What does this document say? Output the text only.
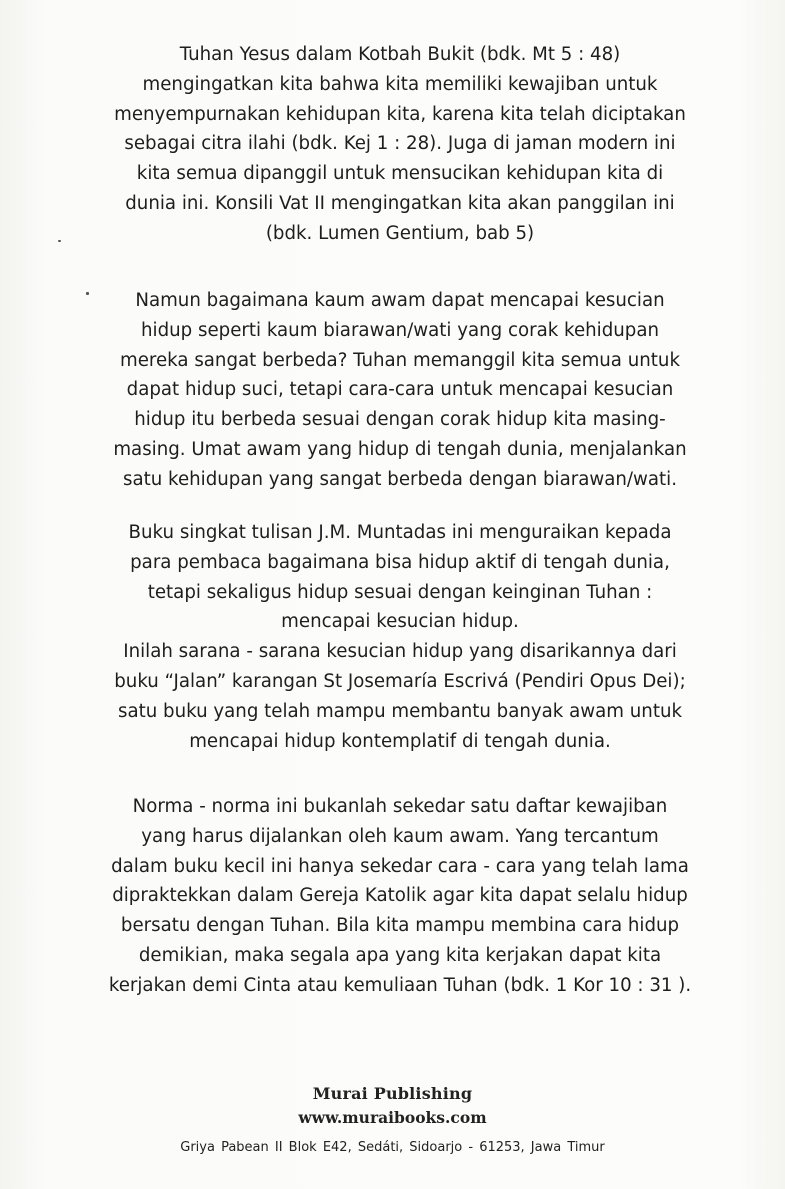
Tuhan Yesus dalam Kotbah Bukit (bdk. Mt 5 : 48)
mengingatkan kita bahwa kita memiliki kewajiban untuk
menyempurnakan kehidupan kita, karena kita telah diciptakan
sebagai citra ilahi (bdk. Kej 1 : 28). Juga di jaman modern ini
kita semua dipanggil untuk mensucikan kehidupan kita di
dunia ini. Konsili Vat II mengingatkan kita akan panggilan ini
(bdk. Lumen Gentium, bab 5)

Namun bagaimana kaum awam dapat mencapai kesucian
hidup seperti kaum biarawan/wati yang corak kehidupan
mereka sangat berbeda? Tuhan memanggil kita semua untuk
dapat hidup suci, tetapi cara-cara untuk mencapai kesucian
hidup itu berbeda sesuai dengan corak hidup kita masing-
masing. Umat awam yang hidup di tengah dunia, menjalankan
satu kehidupan yang sangat berbeda dengan biarawan/wati.

Buku singkat tulisan J.M. Muntadas ini menguraikan kepada
para pembaca bagaimana bisa hidup aktif di tengah dunia,
tetapi sekaligus hidup sesuai dengan keinginan Tuhan :
mencapai kesucian hidup.
Inilah sarana - sarana kesucian hidup yang disarikannya dari
buku “Jalan” karangan St Josemaría Escrivá (Pendiri Opus Dei);
satu buku yang telah mampu membantu banyak awam untuk
mencapai hidup kontemplatif di tengah dunia.

Norma - norma ini bukanlah sekedar satu daftar kewajiban
yang harus dijalankan oleh kaum awam. Yang tercantum
dalam buku kecil ini hanya sekedar cara - cara yang telah lama
dipraktekkan dalam Gereja Katolik agar kita dapat selalu hidup
bersatu dengan Tuhan. Bila kita mampu membina cara hidup
demikian, maka segala apa yang kita kerjakan dapat kita
kerjakan demi Cinta atau kemuliaan Tuhan (bdk. 1 Kor 10 : 31 ).

Murai Publishing
www.muraibooks.com
Griya Pabean II Blok E42, Sedáti, Sidoarjo - 61253, Jawa Timur
